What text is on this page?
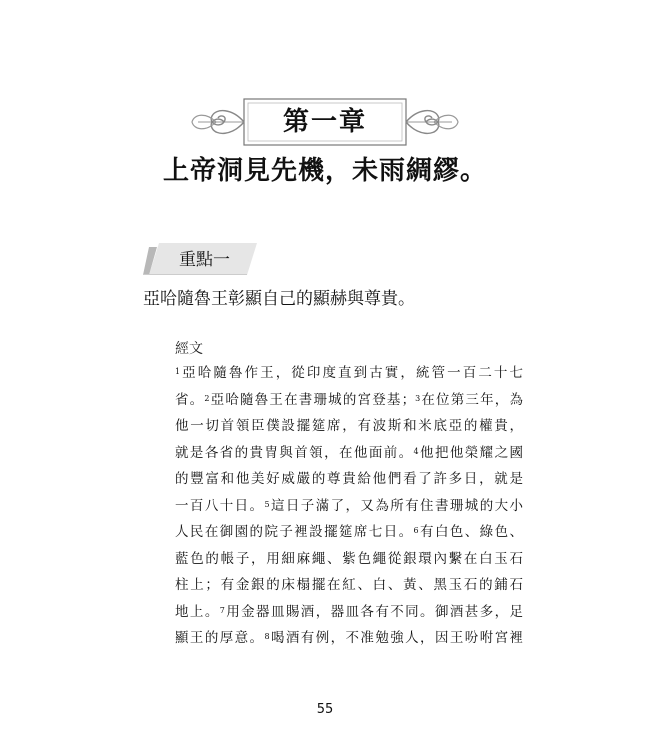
第一章
上帝洞見先機，未雨綢繆。
重點一
亞哈隨魯王彰顯自己的顯赫與尊貴。
經文
$^1$亞哈隨魯作王，從印度直到古實，統管一百二十七
省。$^2$亞哈隨魯王在書珊城的宮登基；$^3$在位第三年，為
他一切首領臣僕設擺筵席，有波斯和米底亞的權貴，
就是各省的貴冑與首領，在他面前。$^4$他把他榮耀之國
的豐富和他美好威嚴的尊貴給他們看了許多日，就是
一百八十日。$^5$這日子滿了，又為所有住書珊城的大小
人民在御園的院子裡設擺筵席七日。$^6$有白色、綠色、
藍色的帳子，用細麻繩、紫色繩從銀環內繫在白玉石
柱上；有金銀的床榻擺在紅、白、黃、黑玉石的鋪石
地上。$^7$用金器皿賜酒，器皿各有不同。御酒甚多，足
顯王的厚意。$^8$喝酒有例，不准勉強人，因王吩咐宮裡
55
